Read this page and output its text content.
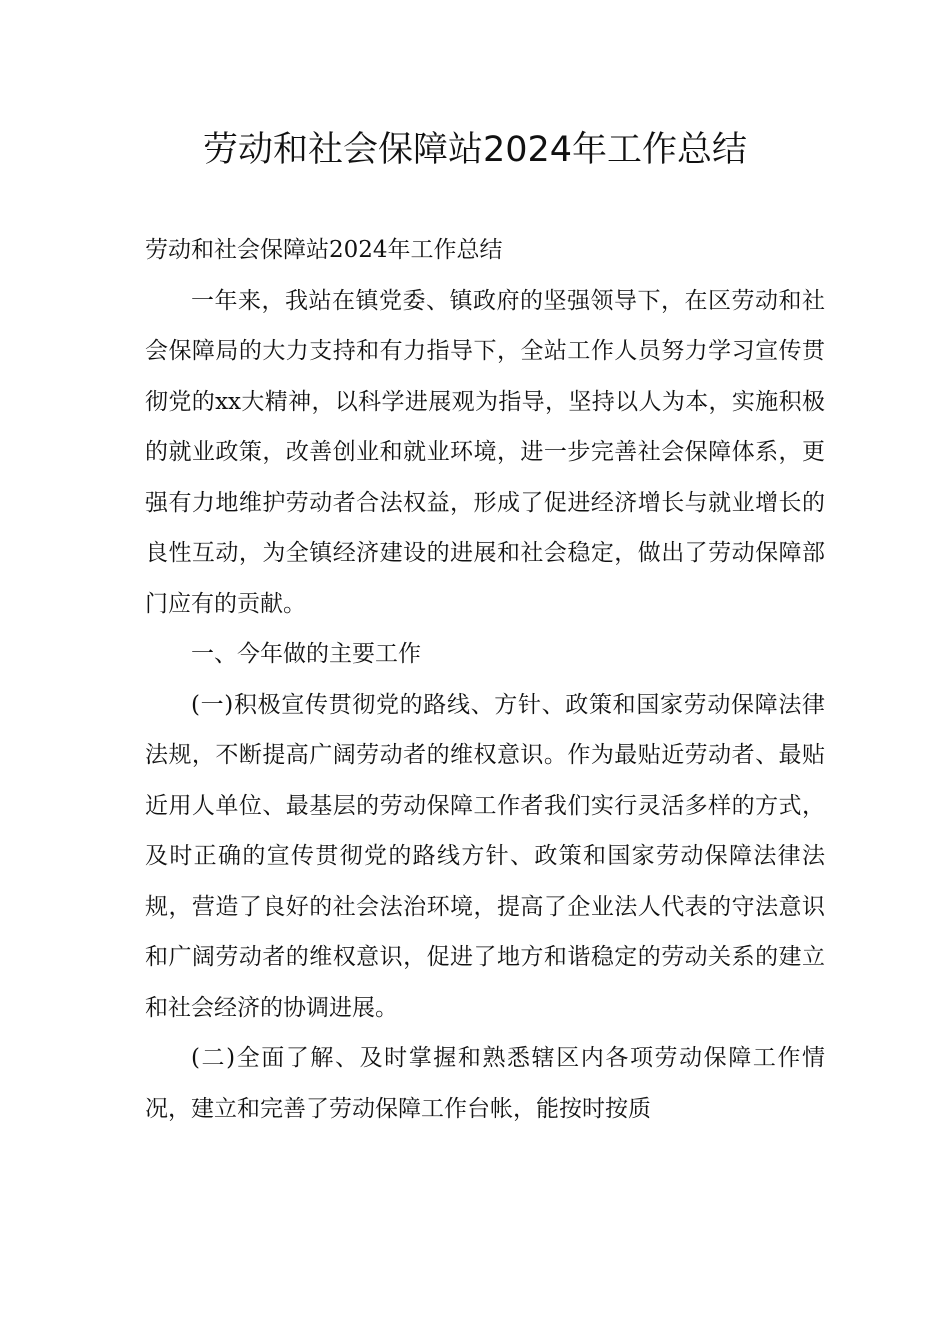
劳动和社会保障站2024年工作总结

劳动和社会保障站2024年工作总结

一年来，我站在镇党委、镇政府的坚强领导下，在区劳动和社会保障局的大力支持和有力指导下，全站工作人员努力学习宣传贯彻党的xx大精神，以科学进展观为指导，坚持以人为本，实施积极的就业政策，改善创业和就业环境，进一步完善社会保障体系，更强有力地维护劳动者合法权益，形成了促进经济增长与就业增长的良性互动，为全镇经济建设的进展和社会稳定，做出了劳动保障部门应有的贡献。

一、今年做的主要工作

(一)积极宣传贯彻党的路线、方针、政策和国家劳动保障法律法规，不断提高广阔劳动者的维权意识。作为最贴近劳动者、最贴近用人单位、最基层的劳动保障工作者我们实行灵活多样的方式，及时正确的宣传贯彻党的路线方针、政策和国家劳动保障法律法规，营造了良好的社会法治环境，提高了企业法人代表的守法意识和广阔劳动者的维权意识，促进了地方和谐稳定的劳动关系的建立和社会经济的协调进展。

(二)全面了解、及时掌握和熟悉辖区内各项劳动保障工作情况，建立和完善了劳动保障工作台帐，能按时按质
